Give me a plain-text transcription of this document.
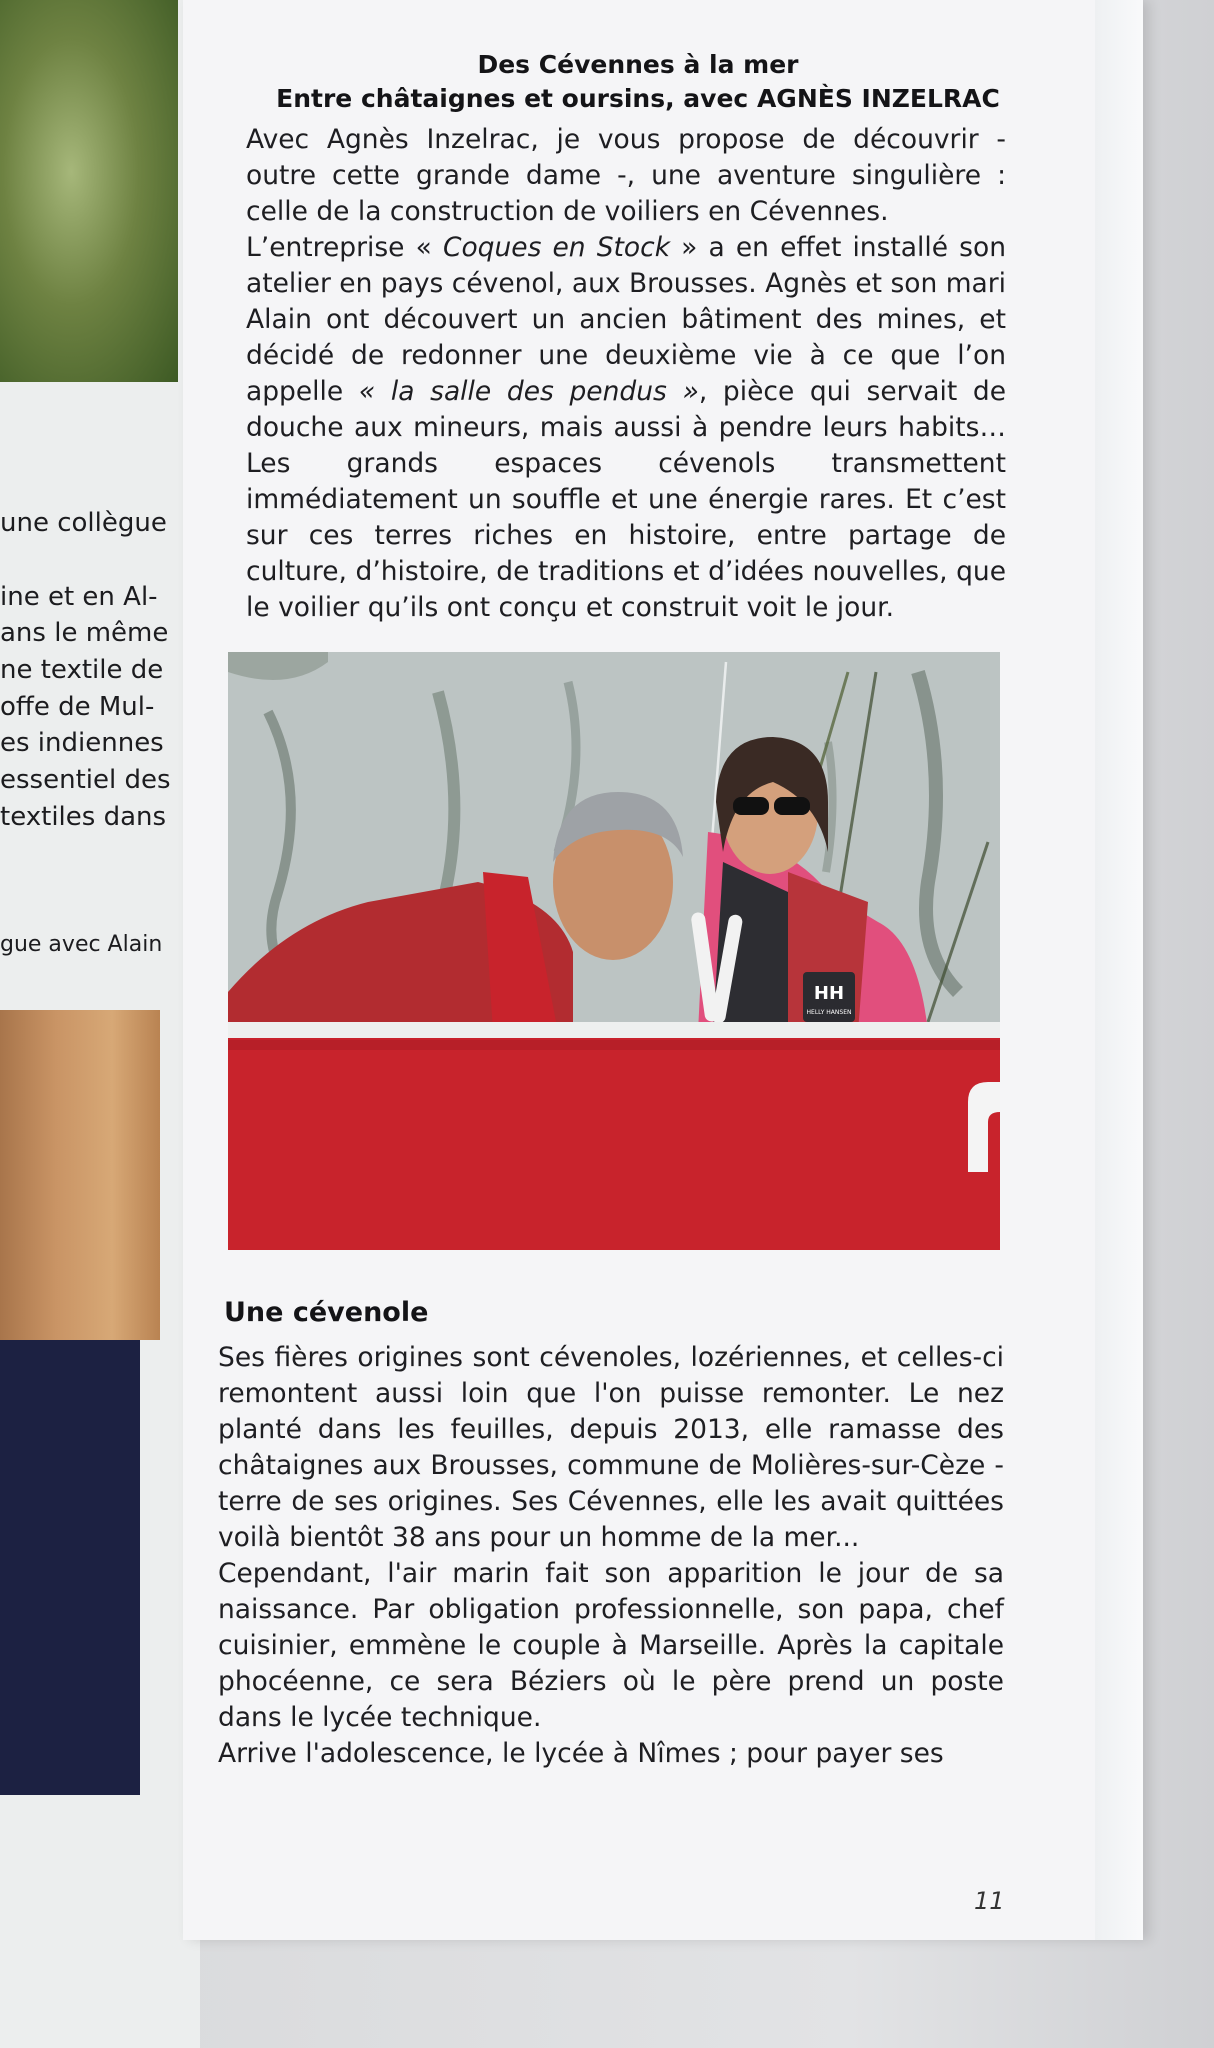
une collègue
ine et en Al-
ans le même
ne textile de
offe de Mul-
es indiennes
essentiel des
textiles dans
gue avec Alain
Des Cévennes à la mer
Entre châtaignes et oursins, avec AGNÈS INZELRAC

Avec Agnès Inzelrac, je vous propose de découvrir - outre cette grande dame -, une aventure singulière : celle de la construction de voiliers en Cévennes.

L’entreprise « Coques en Stock » a en effet installé son atelier en pays cévenol, aux Brousses. Agnès et son mari Alain ont découvert un ancien bâtiment des mines, et décidé de redonner une deuxième vie à ce que l’on appelle « la salle des pendus », pièce qui servait de douche aux mineurs, mais aussi à pendre leurs habits… Les grands espaces cévenols transmettent immédiatement un souffle et une énergie rares. Et c’est sur ces terres riches en histoire, entre partage de culture, d’histoire, de traditions et d’idées nouvelles, que le voilier qu’ils ont conçu et construit voit le jour.

HH
HELLY HANSEN
Une cévenole

Ses fières origines sont cévenoles, lozériennes, et celles-ci remontent aussi loin que l'on puisse remonter. Le nez planté dans les feuilles, depuis 2013, elle ramasse des châtaignes aux Brousses, commune de Molières-sur-Cèze - terre de ses origines. Ses Cévennes, elle les avait quittées voilà bientôt 38 ans pour un homme de la mer...

Cependant, l'air marin fait son apparition le jour de sa naissance. Par obligation professionnelle, son papa, chef cuisinier, emmène le couple à Marseille. Après la capitale phocéenne, ce sera Béziers où le père prend un poste dans le lycée technique.

Arrive l'adolescence, le lycée à Nîmes ; pour payer ses

11
